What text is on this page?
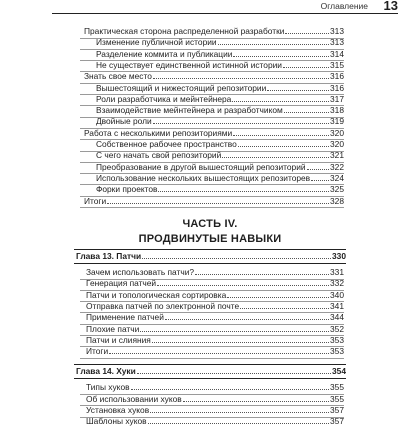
Оглавление 13
Практическая сторона распределенной разработки	313
Изменение публичной истории	313
Разделение коммита и публикации	314
Не существует единственной истинной истории	315
Знать свое место	316
Вышестоящий и нижестоящий репозитории	316
Роли разработчика и мейнтейнера	317
Взаимодействие мейнтейнера и разработчиком	318
Двойные роли	319
Работа с несколькими репозиториями	320
Собственное рабочее пространство	320
С чего начать свой репозиторий	321
Преобразование в другой вышестоящий репозиторий	322
Использование нескольких вышестоящих репозиторев 324
Форки проектов	325
Итоги	328
Глава 13. Патчи	330
Зачем использовать патчи?	331
Генерация патчей	332
Патчи и топологическая сортировка	340
Отправка патчей по электронной почте	341
Применение патчей	344
Плохие патчи	352
Патчи и слияния	353
Итоги	353
Глава 14. Хуки	354
Типы хуков	355
Об использовании хуков	355
Установка хуков	357
Шаблоны хуков	357
ЧАСТЬ IV.
ПРОДВИНУТЫЕ НАВЫКИ
